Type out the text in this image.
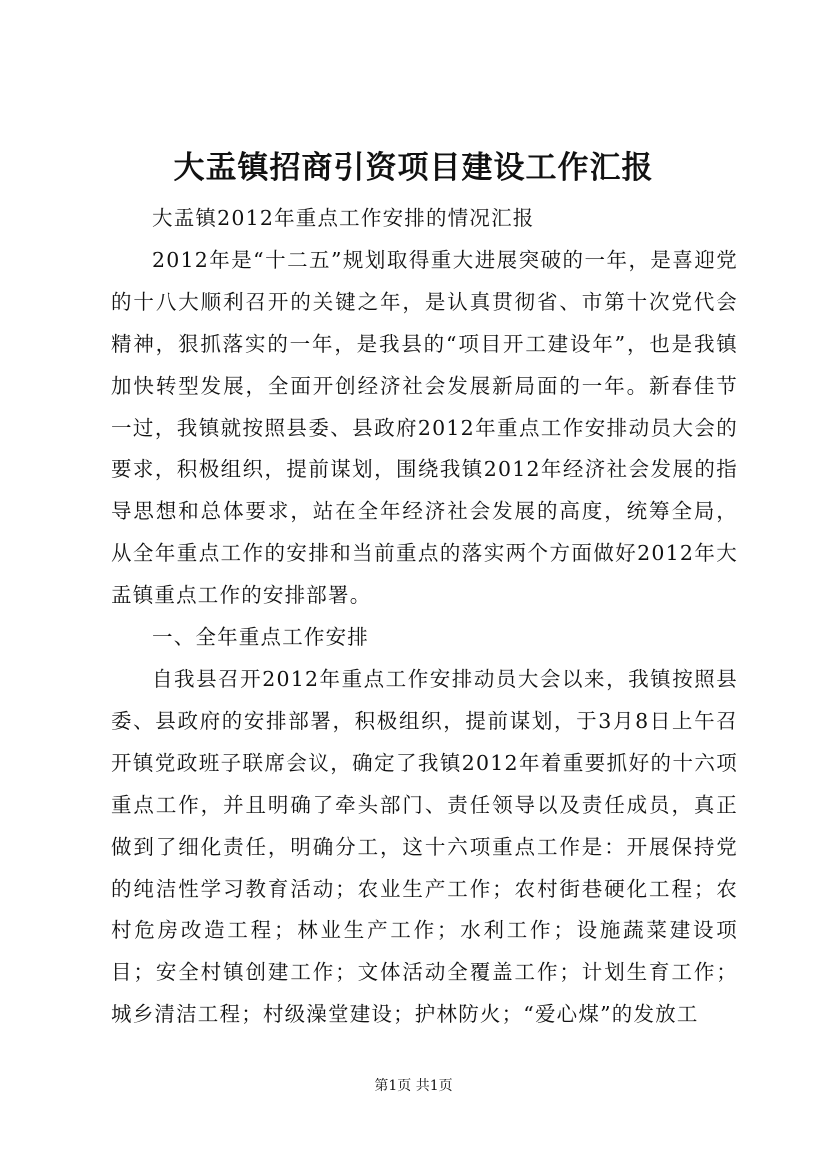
大盂镇招商引资项目建设工作汇报

大盂镇2012年重点工作安排的情况汇报

2012年是“十二五”规划取得重大进展突破的一年，是喜迎党的十八大顺利召开的关键之年，是认真贯彻省、市第十次党代会精神，狠抓落实的一年，是我县的“项目开工建设年”，也是我镇加快转型发展，全面开创经济社会发展新局面的一年。新春佳节一过，我镇就按照县委、县政府2012年重点工作安排动员大会的要求，积极组织，提前谋划，围绕我镇2012年经济社会发展的指导思想和总体要求，站在全年经济社会发展的高度，统筹全局，从全年重点工作的安排和当前重点的落实两个方面做好2012年大盂镇重点工作的安排部署。

一、全年重点工作安排

自我县召开2012年重点工作安排动员大会以来，我镇按照县委、县政府的安排部署，积极组织，提前谋划，于3月8日上午召开镇党政班子联席会议，确定了我镇2012年着重要抓好的十六项重点工作，并且明确了牵头部门、责任领导以及责任成员，真正做到了细化责任，明确分工，这十六项重点工作是：开展保持党的纯洁性学习教育活动；农业生产工作；农村街巷硬化工程；农村危房改造工程；林业生产工作；水利工作；设施蔬菜建设项目；安全村镇创建工作；文体活动全覆盖工作；计划生育工作；城乡清洁工程；村级澡堂建设；护林防火；“爱心煤”的发放工

第1页 共1页
